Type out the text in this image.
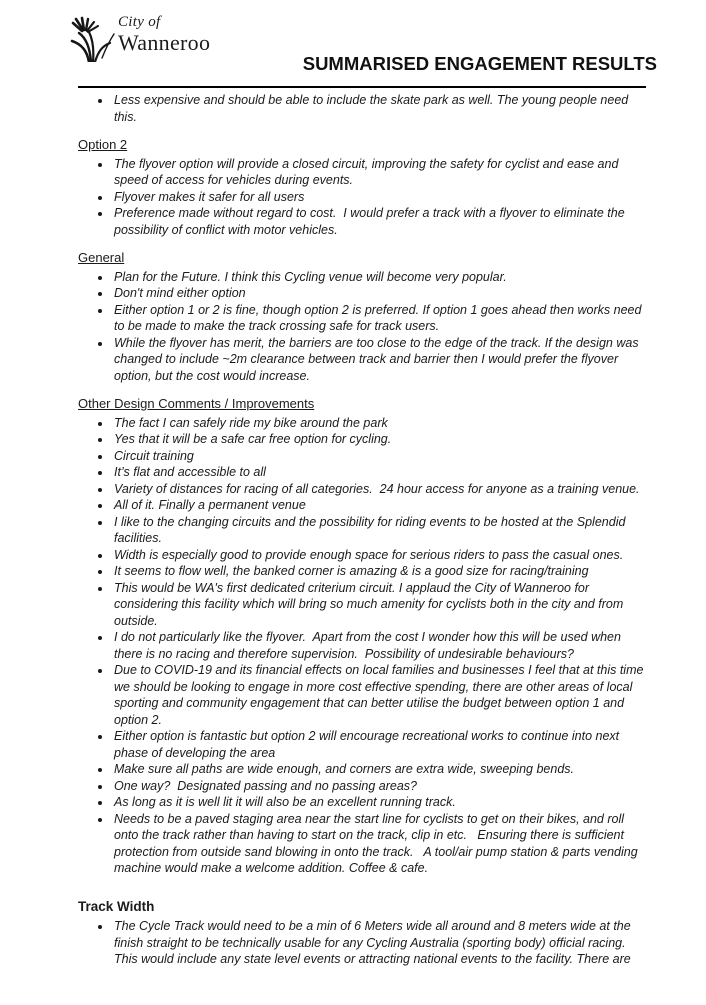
City of
Wanneroo
SUMMARISED ENGAGEMENT RESULTS
• Less expensive and should be able to include the skate park as well. The young people need this.
Option 2
• The flyover option will provide a closed circuit, improving the safety for cyclist and ease and speed of access for vehicles during events.
• Flyover makes it safer for all users
• Preference made without regard to cost.  I would prefer a track with a flyover to eliminate the possibility of conflict with motor vehicles.
General
• Plan for the Future. I think this Cycling venue will become very popular.
• Don't mind either option
• Either option 1 or 2 is fine, though option 2 is preferred. If option 1 goes ahead then works need to be made to make the track crossing safe for track users.
• While the flyover has merit, the barriers are too close to the edge of the track. If the design was changed to include ~2m clearance between track and barrier then I would prefer the flyover option, but the cost would increase.
Other Design Comments / Improvements
• The fact I can safely ride my bike around the park
• Yes that it will be a safe car free option for cycling.
• Circuit training
• It’s flat and accessible to all
• Variety of distances for racing of all categories.  24 hour access for anyone as a training venue.
• All of it. Finally a permanent venue
• I like to the changing circuits and the possibility for riding events to be hosted at the Splendid facilities.
• Width is especially good to provide enough space for serious riders to pass the casual ones.
• It seems to flow well, the banked corner is amazing & is a good size for racing/training
• This would be WA's first dedicated criterium circuit. I applaud the City of Wanneroo for considering this facility which will bring so much amenity for cyclists both in the city and from outside.
• I do not particularly like the flyover.  Apart from the cost I wonder how this will be used when there is no racing and therefore supervision.  Possibility of undesirable behaviours?
• Due to COVID-19 and its financial effects on local families and businesses I feel that at this time we should be looking to engage in more cost effective spending, there are other areas of local sporting and community engagement that can better utilise the budget between option 1 and option 2.
• Either option is fantastic but option 2 will encourage recreational works to continue into next phase of developing the area
• Make sure all paths are wide enough, and corners are extra wide, sweeping bends.
• One way?  Designated passing and no passing areas?
• As long as it is well lit it will also be an excellent running track.
• Needs to be a paved staging area near the start line for cyclists to get on their bikes, and roll onto the track rather than having to start on the track, clip in etc.   Ensuring there is sufficient protection from outside sand blowing in onto the track.   A tool/air pump station & parts vending machine would make a welcome addition. Coffee & cafe.
Track Width
• The Cycle Track would need to be a min of 6 Meters wide all around and 8 meters wide at the finish straight to be technically usable for any Cycling Australia (sporting body) official racing. This would include any state level events or attracting national events to the facility. There are
